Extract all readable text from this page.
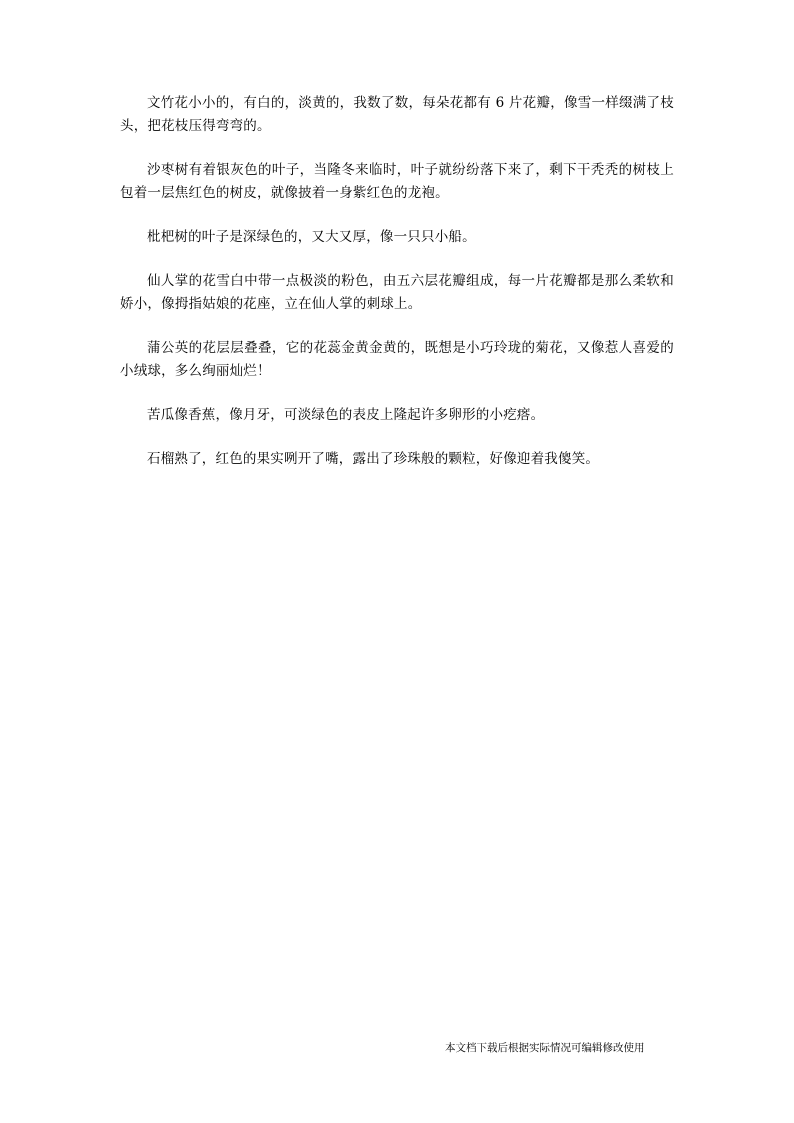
文竹花小小的，有白的，淡黄的，我数了数，每朵花都有 6 片花瓣，像雪一样缀满了枝头，把花枝压得弯弯的。

沙枣树有着银灰色的叶子，当隆冬来临时，叶子就纷纷落下来了，剩下干秃秃的树枝上包着一层焦红色的树皮，就像披着一身紫红色的龙袍。

枇杷树的叶子是深绿色的，又大又厚，像一只只小船。

仙人掌的花雪白中带一点极淡的粉色，由五六层花瓣组成，每一片花瓣都是那么柔软和娇小，像拇指姑娘的花座，立在仙人掌的刺球上。

蒲公英的花层层叠叠，它的花蕊金黄金黄的，既想是小巧玲珑的菊花，又像惹人喜爱的小绒球，多么绚丽灿烂！

苦瓜像香蕉，像月牙，可淡绿色的表皮上隆起许多卵形的小疙瘩。

石榴熟了，红色的果实咧开了嘴，露出了珍珠般的颗粒，好像迎着我傻笑。

本文档下载后根据实际情况可编辑修改使用
